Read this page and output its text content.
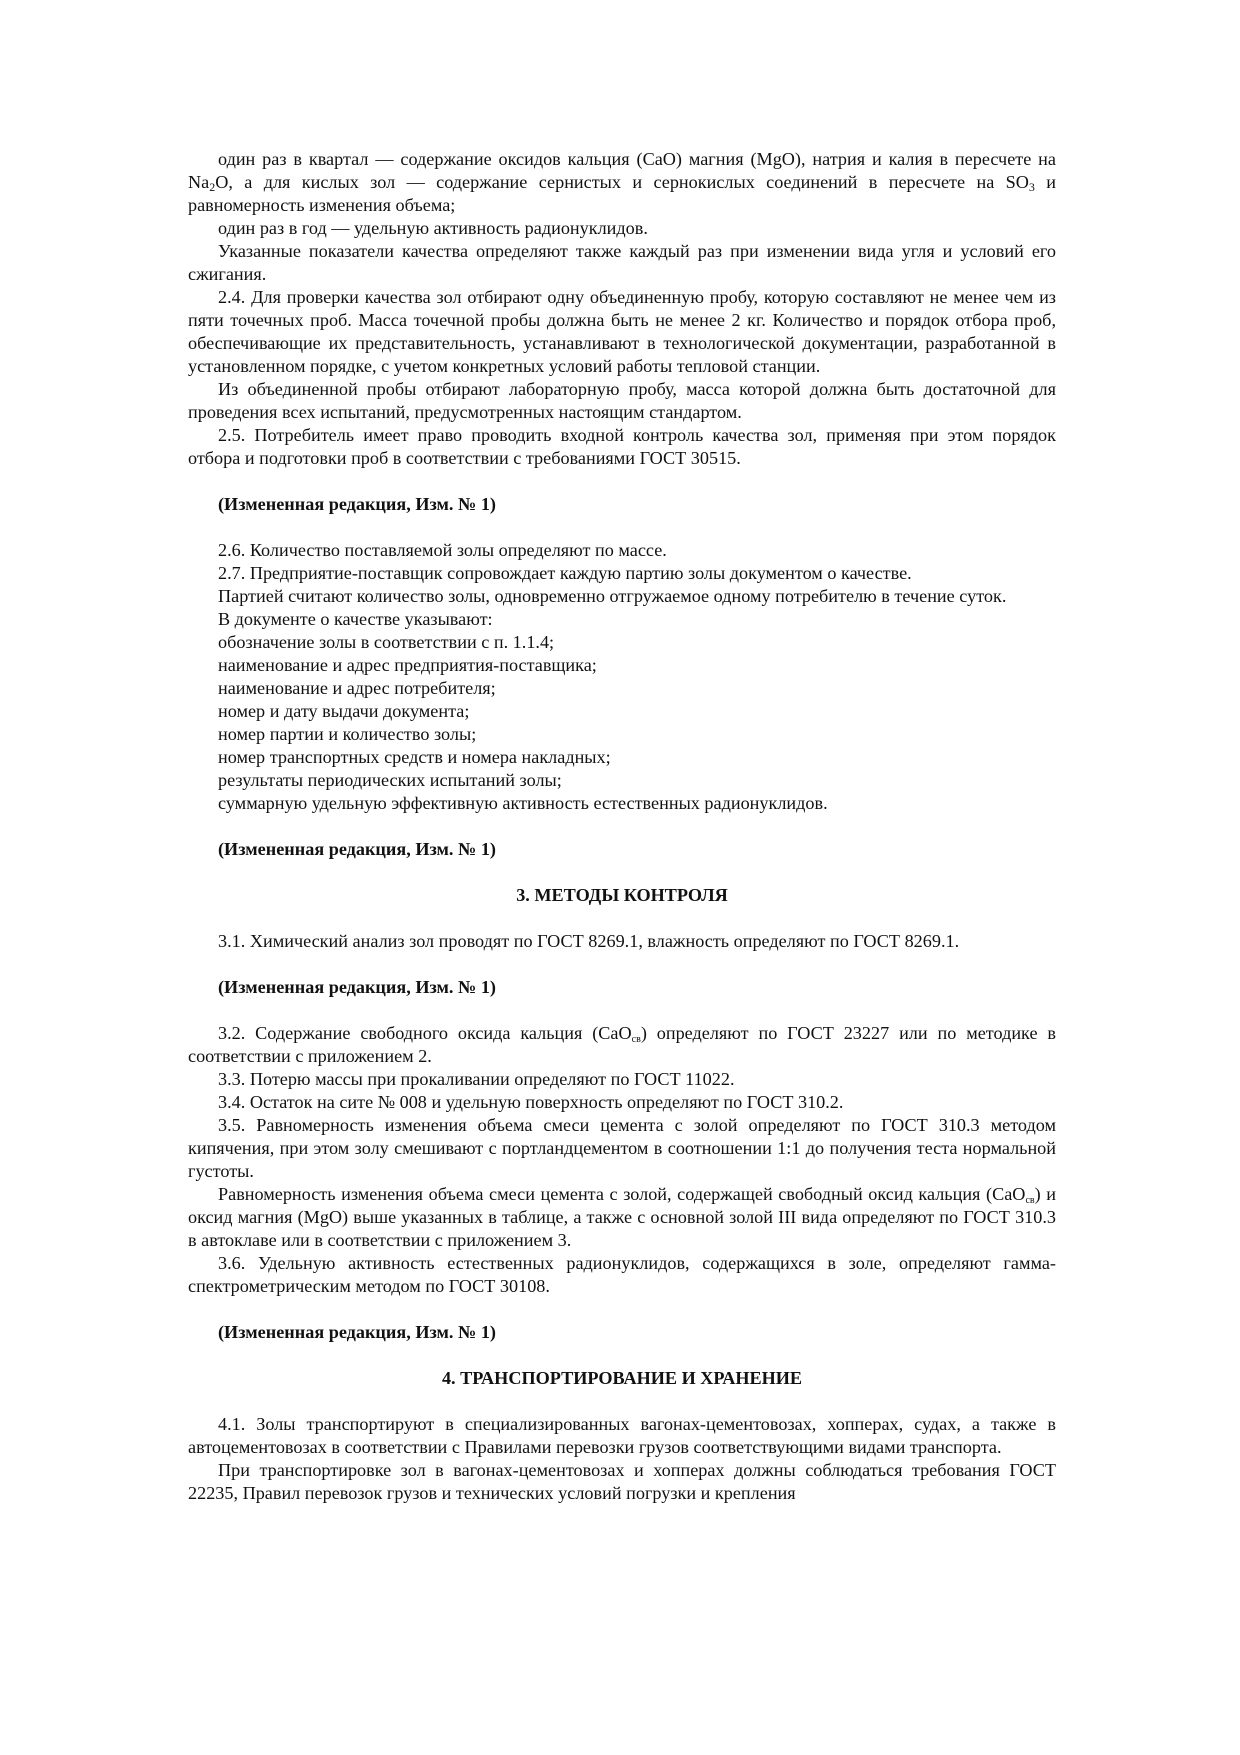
один раз в квартал — содержание оксидов кальция (CaO) магния (MgO), натрия и калия в пересчете на $Na_2O$, а для кислых зол — содержание сернистых и сернокислых соединений в пересчете на $SO_3$ и равномерность изменения объема;

один раз в год — удельную активность радионуклидов.

Указанные показатели качества определяют также каждый раз при изменении вида угля и условий его сжигания.

2.4. Для проверки качества зол отбирают одну объединенную пробу, которую составляют не менее чем из пяти точечных проб. Масса точечной пробы должна быть не менее 2 кг. Количество и порядок отбора проб, обеспечивающие их представительность, устанавливают в технологической документации, разработанной в установленном порядке, с учетом конкретных условий работы тепловой станции.

Из объединенной пробы отбирают лабораторную пробу, масса которой должна быть достаточной для проведения всех испытаний, предусмотренных настоящим стандартом.

2.5. Потребитель имеет право проводить входной контроль качества зол, применяя при этом порядок отбора и подготовки проб в соответствии с требованиями ГОСТ 30515.

(Измененная редакция, Изм. № 1)

2.6. Количество поставляемой золы определяют по массе.

2.7. Предприятие-поставщик сопровождает каждую партию золы документом о качестве.

Партией считают количество золы, одновременно отгружаемое одному потребителю в течение суток.

В документе о качестве указывают:

обозначение золы в соответствии с п. 1.1.4;

наименование и адрес предприятия-поставщика;

наименование и адрес потребителя;

номер и дату выдачи документа;

номер партии и количество золы;

номер транспортных средств и номера накладных;

результаты периодических испытаний золы;

суммарную удельную эффективную активность естественных радионуклидов.

(Измененная редакция, Изм. № 1)

3. МЕТОДЫ КОНТРОЛЯ

3.1. Химический анализ зол проводят по ГОСТ 8269.1, влажность определяют по ГОСТ 8269.1.

(Измененная редакция, Изм. № 1)

3.2. Содержание свободного оксида кальция (CaO$_{св}$) определяют по ГОСТ 23227 или по методике в соответствии с приложением 2.

3.3. Потерю массы при прокаливании определяют по ГОСТ 11022.

3.4. Остаток на сите № 008 и удельную поверхность определяют по ГОСТ 310.2.

3.5. Равномерность изменения объема смеси цемента с золой определяют по ГОСТ 310.3 методом кипячения, при этом золу смешивают с портландцементом в соотношении 1:1 до получения теста нормальной густоты.

Равномерность изменения объема смеси цемента с золой, содержащей свободный оксид кальция (CaO$_{св}$) и оксид магния (MgO) выше указанных в таблице, а также с основной золой III вида определяют по ГОСТ 310.3 в автоклаве или в соответствии с приложением 3.

3.6. Удельную активность естественных радионуклидов, содержащихся в золе, определяют гамма-спектрометрическим методом по ГОСТ 30108.

(Измененная редакция, Изм. № 1)

4. ТРАНСПОРТИРОВАНИЕ И ХРАНЕНИЕ

4.1. Золы транспортируют в специализированных вагонах-цементовозах, хопперах, судах, а также в автоцементовозах в соответствии с Правилами перевозки грузов соответствующими видами транспорта.

При транспортировке зол в вагонах-цементовозах и хопперах должны соблюдаться требования ГОСТ 22235, Правил перевозок грузов и технических условий погрузки и крепления
